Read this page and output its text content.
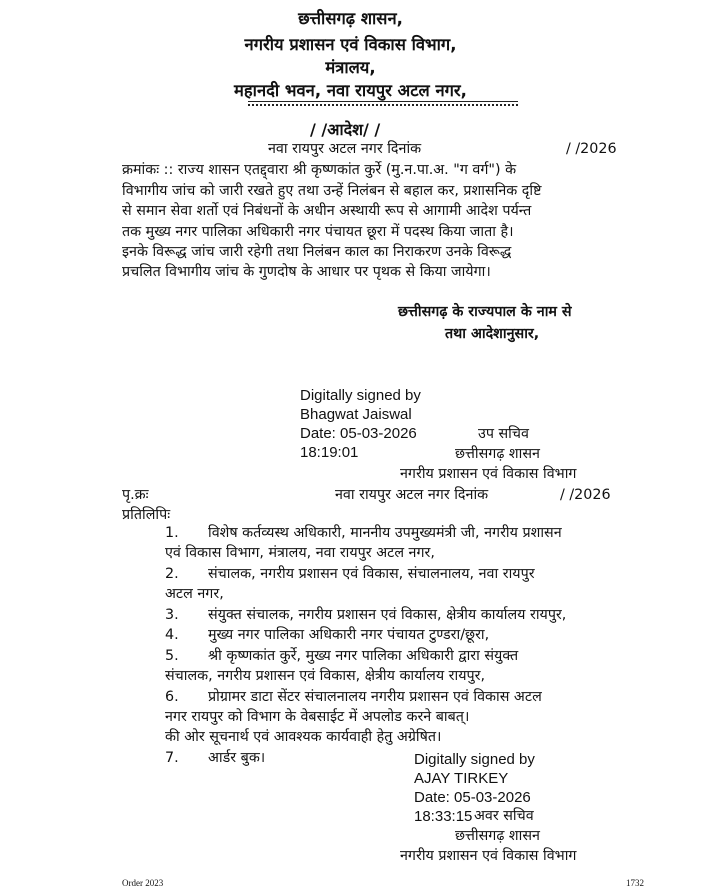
छत्तीसगढ़ शासन,
नगरीय प्रशासन एवं विकास विभाग,
मंत्रालय,
महानदी भवन, नवा रायपुर अटल नगर,
/ /आदेश/ /
नवा रायपुर अटल नगर दिनांक	/ /2026
क्रमांकः :: राज्य शासन एतद्द्वारा श्री कृष्णकांत कुर्रे (मु.न.पा.अ. "ग वर्ग") के
विभागीय जांच को जारी रखते हुए तथा उन्हें निलंबन से बहाल कर, प्रशासनिक दृष्टि
से समान सेवा शर्तो एवं निबंधनों के अधीन अस्थायी रूप से आगामी आदेश पर्यन्त
तक मुख्य नगर पालिका अधिकारी नगर पंचायत छूरा में पदस्थ किया जाता है।
इनके विरूद्ध जांच जारी रहेगी तथा निलंबन काल का निराकरण उनके विरूद्ध
प्रचलित विभागीय जांच के गुणदोष के आधार पर पृथक से किया जायेगा।
छत्तीसगढ़ के राज्यपाल के नाम से
तथा आदेशानुसार,
Digitally signed by
Bhagwat Jaiswal
Date: 05-03-2026
18:19:01
उप सचिव
छत्तीसगढ़ शासन
नगरीय प्रशासन एवं विकास विभाग
पृ.क्रः	नवा रायपुर अटल नगर दिनांक	/ /2026
प्रतिलिपिः
1. विशेष कर्तव्यस्थ अधिकारी, माननीय उपमुख्यमंत्री जी, नगरीय प्रशासन
एवं विकास विभाग, मंत्रालय, नवा रायपुर अटल नगर,
2. संचालक, नगरीय प्रशासन एवं विकास, संचालनालय, नवा रायपुर
अटल नगर,
3. संयुक्त संचालक, नगरीय प्रशासन एवं विकास, क्षेत्रीय कार्यालय रायपुर,
4. मुख्य नगर पालिका अधिकारी नगर पंचायत टुण्डरा/छूरा,
5. श्री कृष्णकांत कुर्रे, मुख्य नगर पालिका अधिकारी द्वारा संयुक्त
संचालक, नगरीय प्रशासन एवं विकास, क्षेत्रीय कार्यालय रायपुर,
6. प्रोग्रामर डाटा सेंटर संचालनालय नगरीय प्रशासन एवं विकास अटल
नगर रायपुर को विभाग के वेबसाईट में अपलोड करने बाबत्।
की ओर सूचनार्थ एवं आवश्यक कार्यवाही हेतु अग्रेषित।
7. आर्डर बुक।	Digitally signed by
AJAY TIRKEY
Date: 05-03-2026
18:33:15 अवर सचिव
छत्तीसगढ़ शासन
नगरीय प्रशासन एवं विकास विभाग
Order 2023	1732
